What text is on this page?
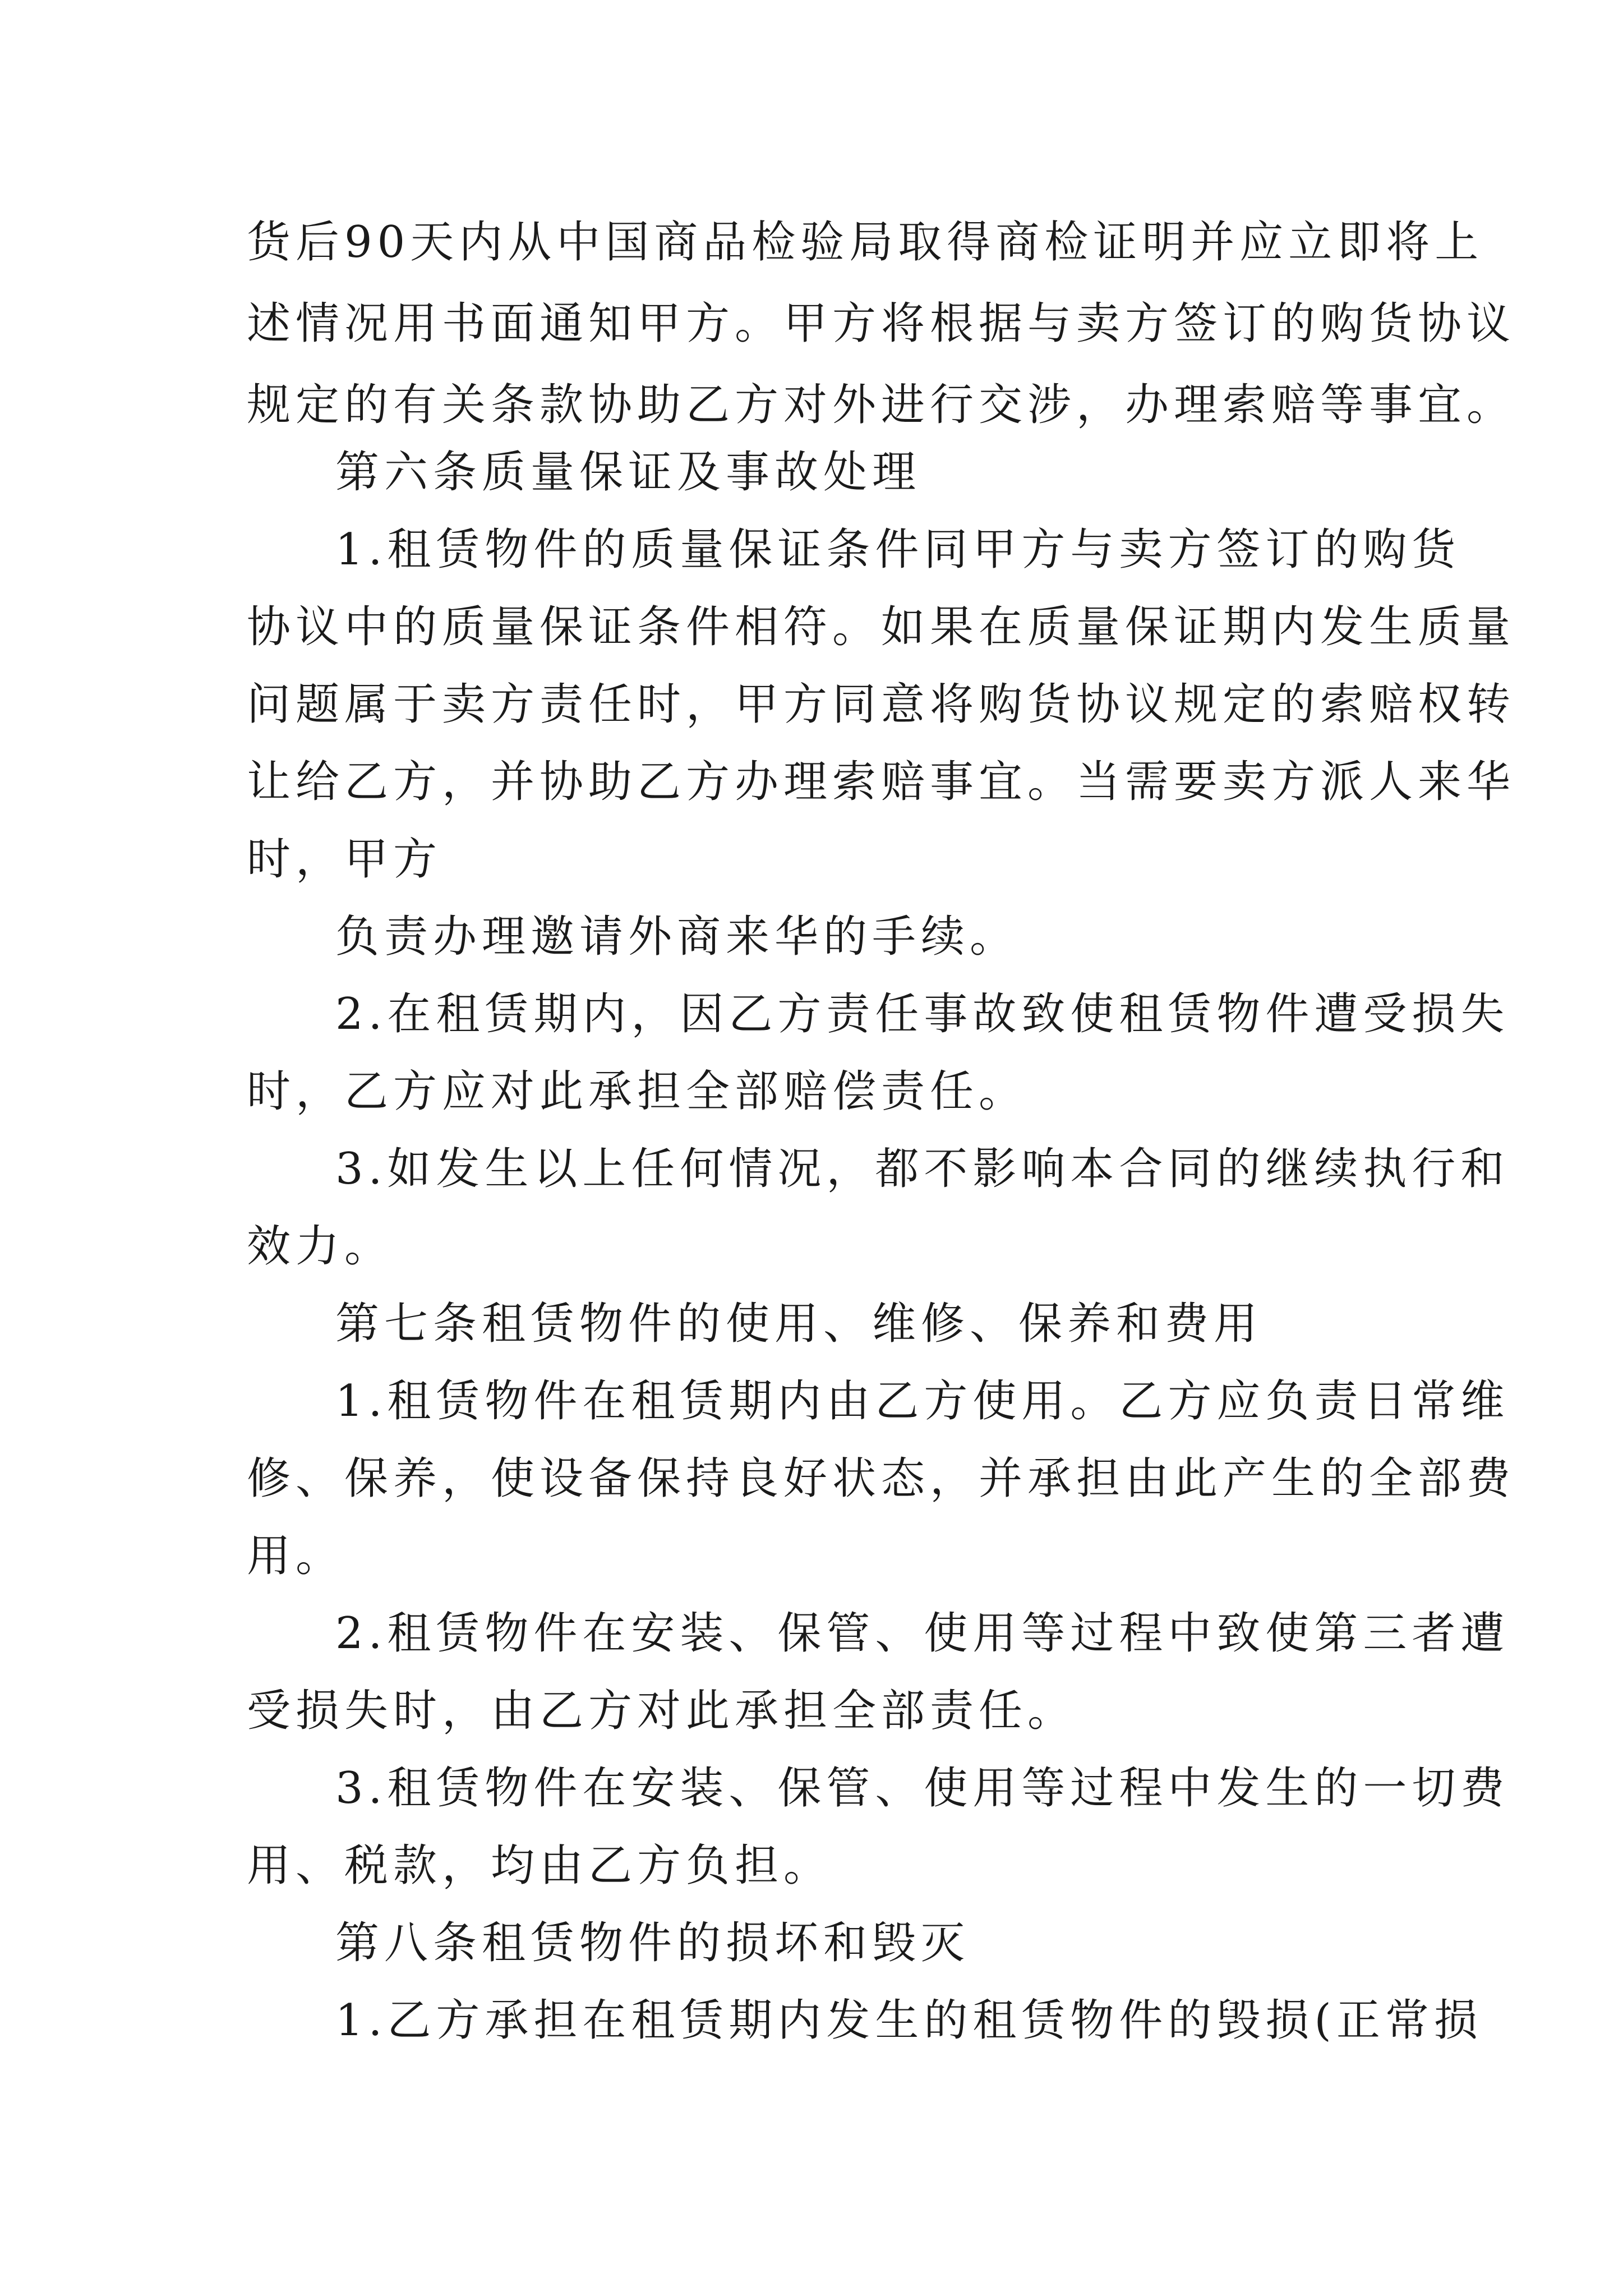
货后90天内从中国商品检验局取得商检证明并应立即将上

述情况用书面通知甲方。甲方将根据与卖方签订的购货协议

规定的有关条款协助乙方对外进行交涉，办理索赔等事宜。

第六条质量保证及事故处理

1.租赁物件的质量保证条件同甲方与卖方签订的购货

协议中的质量保证条件相符。如果在质量保证期内发生质量

问题属于卖方责任时，甲方同意将购货协议规定的索赔权转

让给乙方，并协助乙方办理索赔事宜。当需要卖方派人来华

时，甲方

负责办理邀请外商来华的手续。

2.在租赁期内，因乙方责任事故致使租赁物件遭受损失

时，乙方应对此承担全部赔偿责任。

3.如发生以上任何情况，都不影响本合同的继续执行和

效力。

第七条租赁物件的使用、维修、保养和费用

1.租赁物件在租赁期内由乙方使用。乙方应负责日常维

修、保养，使设备保持良好状态，并承担由此产生的全部费

用。

2.租赁物件在安装、保管、使用等过程中致使第三者遭

受损失时，由乙方对此承担全部责任。

3.租赁物件在安装、保管、使用等过程中发生的一切费

用、税款，均由乙方负担。

第八条租赁物件的损坏和毁灭

1.乙方承担在租赁期内发生的租赁物件的毁损(正常损
